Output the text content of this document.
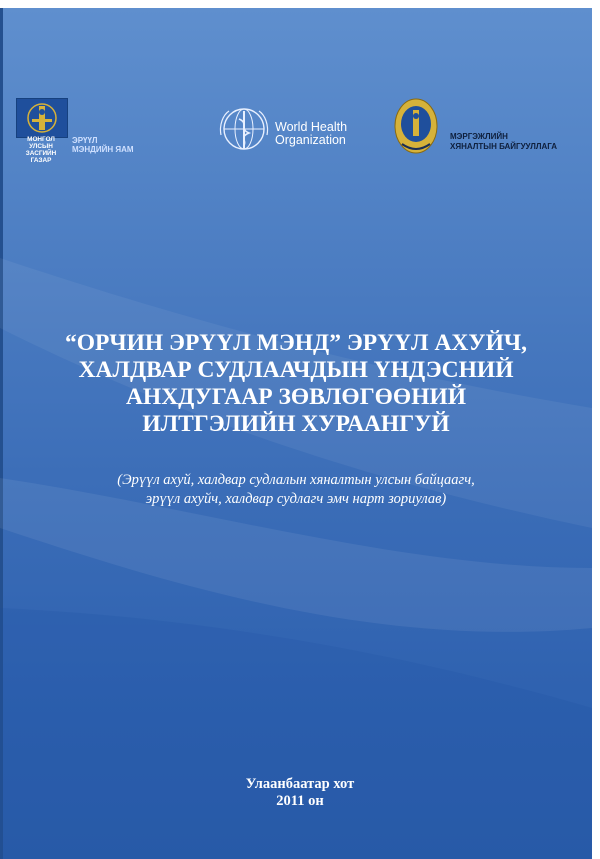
МОНГОЛ УЛСЫН
ЗАСГИЙН ГАЗАР
ЭРҮҮЛ
МЭНДИЙН ЯАМ
World Health
Organization	МЭРГЭЖЛИЙН
ХЯНАЛТЫН БАЙГУУЛЛАГА
“ОРЧИН ЭРҮҮЛ МЭНД” ЭРҮҮЛ АХУЙЧ,
ХАЛДВАР СУДЛААЧДЫН ҮНДЭСНИЙ
АНХДУГААР ЗӨВЛӨГӨӨНИЙ
ИЛТГЭЛИЙН ХУРААНГУЙ

(Эрүүл ахуй, халдвар судлалын хяналтын улсын байцаагч,
эрүүл ахуйч, халдвар судлагч эмч нарт зориулав)

Улаанбаатар хот
2011 он
